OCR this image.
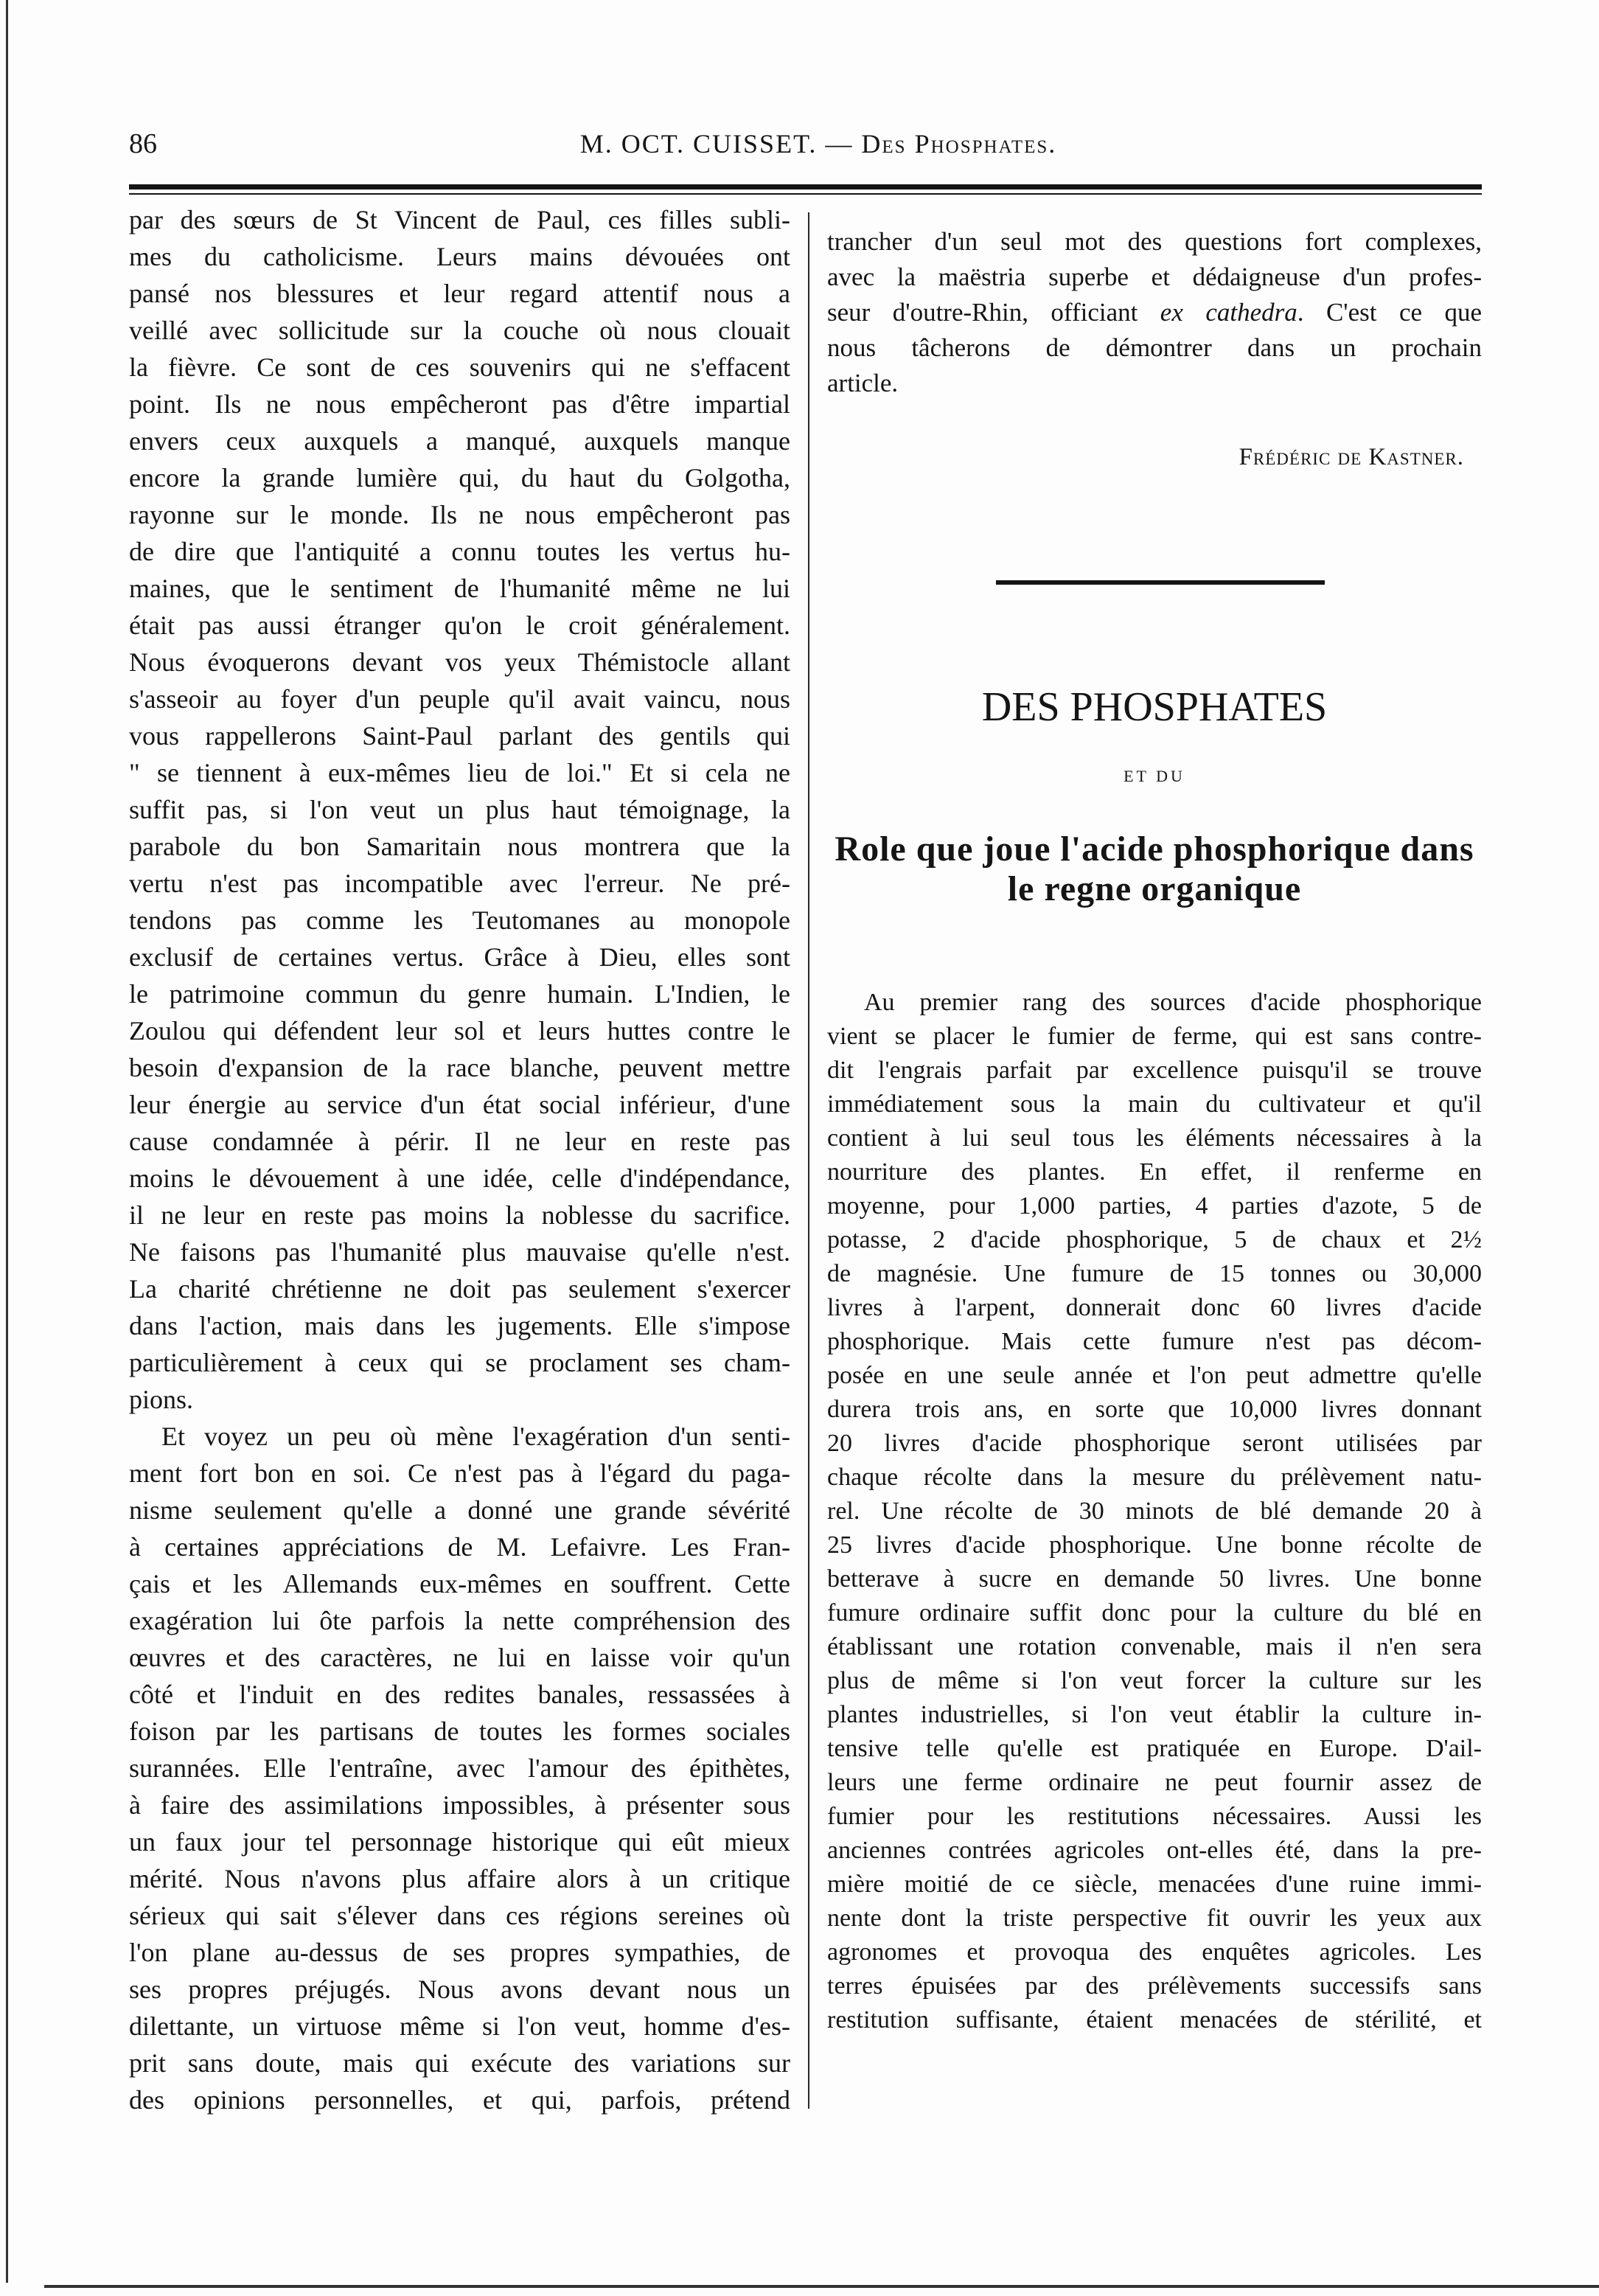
86	M. OCT. CUISSET. — Des Phosphates.
par des sœurs de St Vincent de Paul, ces filles subli-
mes du catholicisme. Leurs mains dévouées ont
pansé nos blessures et leur regard attentif nous a
veillé avec sollicitude sur la couche où nous clouait
la fièvre. Ce sont de ces souvenirs qui ne s'effacent
point. Ils ne nous empêcheront pas d'être impartial
envers ceux auxquels a manqué, auxquels manque
encore la grande lumière qui, du haut du Golgotha,
rayonne sur le monde. Ils ne nous empêcheront pas
de dire que l'antiquité a connu toutes les vertus hu-
maines, que le sentiment de l'humanité même ne lui
était pas aussi étranger qu'on le croit généralement.
Nous évoquerons devant vos yeux Thémistocle allant
s'asseoir au foyer d'un peuple qu'il avait vaincu, nous
vous rappellerons Saint-Paul parlant des gentils qui
" se tiennent à eux-mêmes lieu de loi." Et si cela ne
suffit pas, si l'on veut un plus haut témoignage, la
parabole du bon Samaritain nous montrera que la
vertu n'est pas incompatible avec l'erreur. Ne pré-
tendons pas comme les Teutomanes au monopole
exclusif de certaines vertus. Grâce à Dieu, elles sont
le patrimoine commun du genre humain. L'Indien, le
Zoulou qui défendent leur sol et leurs huttes contre le
besoin d'expansion de la race blanche, peuvent mettre
leur énergie au service d'un état social inférieur, d'une
cause condamnée à périr. Il ne leur en reste pas
moins le dévouement à une idée, celle d'indépendance,
il ne leur en reste pas moins la noblesse du sacrifice.
Ne faisons pas l'humanité plus mauvaise qu'elle n'est.
La charité chrétienne ne doit pas seulement s'exercer
dans l'action, mais dans les jugements. Elle s'impose
particulièrement à ceux qui se proclament ses cham-
pions.
Et voyez un peu où mène l'exagération d'un senti-
ment fort bon en soi. Ce n'est pas à l'égard du paga-
nisme seulement qu'elle a donné une grande sévérité
à certaines appréciations de M. Lefaivre. Les Fran-
çais et les Allemands eux-mêmes en souffrent. Cette
exagération lui ôte parfois la nette compréhension des
œuvres et des caractères, ne lui en laisse voir qu'un
côté et l'induit en des redites banales, ressassées à
foison par les partisans de toutes les formes sociales
surannées. Elle l'entraîne, avec l'amour des épithètes,
à faire des assimilations impossibles, à présenter sous
un faux jour tel personnage historique qui eût mieux
mérité. Nous n'avons plus affaire alors à un critique
sérieux qui sait s'élever dans ces régions sereines où
l'on plane au-dessus de ses propres sympathies, de
ses propres préjugés. Nous avons devant nous un
dilettante, un virtuose même si l'on veut, homme d'es-
prit sans doute, mais qui exécute des variations sur
des opinions personnelles, et qui, parfois, prétend
trancher d'un seul mot des questions fort complexes,
avec la maëstria superbe et dédaigneuse d'un profes-
seur d'outre-Rhin, officiant ex cathedra. C'est ce que
nous tâcherons de démontrer dans un prochain
article.
Frédéric de Kastner.
DES PHOSPHATES
ET DU
Role que joue l'acide phosphorique dans
le regne organique
Au premier rang des sources d'acide phosphorique
vient se placer le fumier de ferme, qui est sans contre-
dit l'engrais parfait par excellence puisqu'il se trouve
immédiatement sous la main du cultivateur et qu'il
contient à lui seul tous les éléments nécessaires à la
nourriture des plantes. En effet, il renferme en
moyenne, pour 1,000 parties, 4 parties d'azote, 5 de
potasse, 2 d'acide phosphorique, 5 de chaux et 2½
de magnésie. Une fumure de 15 tonnes ou 30,000
livres à l'arpent, donnerait donc 60 livres d'acide
phosphorique. Mais cette fumure n'est pas décom-
posée en une seule année et l'on peut admettre qu'elle
durera trois ans, en sorte que 10,000 livres donnant
20 livres d'acide phosphorique seront utilisées par
chaque récolte dans la mesure du prélèvement natu-
rel. Une récolte de 30 minots de blé demande 20 à
25 livres d'acide phosphorique. Une bonne récolte de
betterave à sucre en demande 50 livres. Une bonne
fumure ordinaire suffit donc pour la culture du blé en
établissant une rotation convenable, mais il n'en sera
plus de même si l'on veut forcer la culture sur les
plantes industrielles, si l'on veut établir la culture in-
tensive telle qu'elle est pratiquée en Europe. D'ail-
leurs une ferme ordinaire ne peut fournir assez de
fumier pour les restitutions nécessaires. Aussi les
anciennes contrées agricoles ont-elles été, dans la pre-
mière moitié de ce siècle, menacées d'une ruine immi-
nente dont la triste perspective fit ouvrir les yeux aux
agronomes et provoqua des enquêtes agricoles. Les
terres épuisées par des prélèvements successifs sans
restitution suffisante, étaient menacées de stérilité, et
